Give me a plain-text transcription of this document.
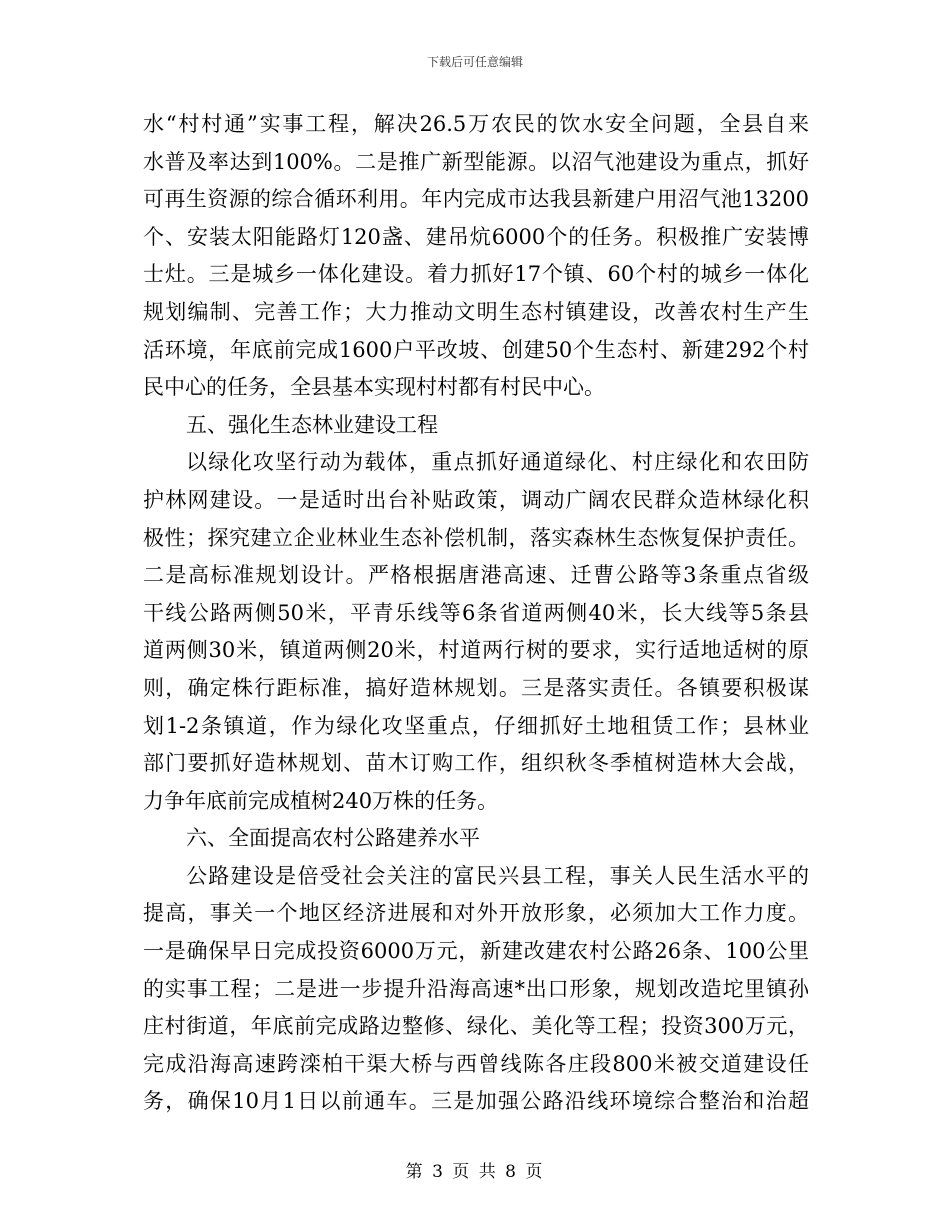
下载后可任意编辑
水“村村通”实事工程，解决26.5万农民的饮水安全问题，全县自来
水普及率达到100%。二是推广新型能源。以沼气池建设为重点，抓好
可再生资源的综合循环利用。年内完成市达我县新建户用沼气池13200
个、安装太阳能路灯120盏、建吊炕6000个的任务。积极推广安装博
士灶。三是城乡一体化建设。着力抓好17个镇、60个村的城乡一体化
规划编制、完善工作；大力推动文明生态村镇建设，改善农村生产生
活环境，年底前完成1600户平改坡、创建50个生态村、新建292个村
民中心的任务，全县基本实现村村都有村民中心。
五、强化生态林业建设工程
以绿化攻坚行动为载体，重点抓好通道绿化、村庄绿化和农田防
护林网建设。一是适时出台补贴政策，调动广阔农民群众造林绿化积
极性；探究建立企业林业生态补偿机制，落实森林生态恢复保护责任。
二是高标准规划设计。严格根据唐港高速、迁曹公路等3条重点省级
干线公路两侧50米，平青乐线等6条省道两侧40米，长大线等5条县
道两侧30米，镇道两侧20米，村道两行树的要求，实行适地适树的原
则，确定株行距标准，搞好造林规划。三是落实责任。各镇要积极谋
划1-2条镇道，作为绿化攻坚重点，仔细抓好土地租赁工作；县林业
部门要抓好造林规划、苗木订购工作，组织秋冬季植树造林大会战，
力争年底前完成植树240万株的任务。
六、全面提高农村公路建养水平
公路建设是倍受社会关注的富民兴县工程，事关人民生活水平的
提高，事关一个地区经济进展和对外开放形象，必须加大工作力度。
一是确保早日完成投资6000万元，新建改建农村公路26条、100公里
的实事工程；二是进一步提升沿海高速*出口形象，规划改造坨里镇孙
庄村街道，年底前完成路边整修、绿化、美化等工程；投资300万元，
完成沿海高速跨滦柏干渠大桥与西曾线陈各庄段800米被交道建设任
务，确保10月1日以前通车。三是加强公路沿线环境综合整治和治超
第 3 页 共 8 页
